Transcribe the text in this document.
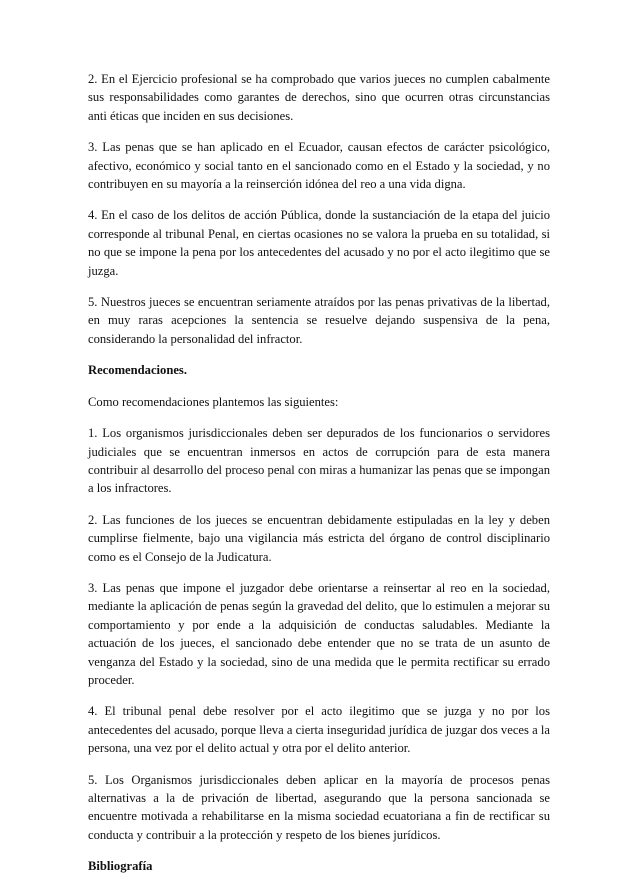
2. En el Ejercicio profesional se ha comprobado que varios jueces no cumplen cabalmente sus responsabilidades como garantes de derechos, sino que ocurren otras circunstancias anti éticas que inciden en sus decisiones.

3. Las penas que se han aplicado en el Ecuador, causan efectos de carácter psicológico, afectivo, económico y social tanto en el sancionado como en el Estado y la sociedad, y no contribuyen en su mayoría a la reinserción idónea del reo a una vida digna.

4. En el caso de los delitos de acción Pública, donde la sustanciación de la etapa del juicio corresponde al tribunal Penal, en ciertas ocasiones no se valora la prueba en su totalidad, si no que se impone la pena por los antecedentes del acusado y no por el acto ilegitimo que se juzga.

5. Nuestros jueces se encuentran seriamente atraídos por las penas privativas de la libertad, en muy raras acepciones la sentencia se resuelve dejando suspensiva de la pena, considerando la personalidad del infractor.

Recomendaciones.

Como recomendaciones plantemos las siguientes:

1. Los organismos jurisdiccionales deben ser depurados de los funcionarios o servidores judiciales que se encuentran inmersos en actos de corrupción para de esta manera contribuir al desarrollo del proceso penal con miras a humanizar las penas que se impongan a los infractores.

2. Las funciones de los jueces se encuentran debidamente estipuladas en la ley y deben cumplirse fielmente, bajo una vigilancia más estricta del órgano de control disciplinario como es el Consejo de la Judicatura.

3. Las penas que impone el juzgador debe orientarse a reinsertar al reo en la sociedad, mediante la aplicación de penas según la gravedad del delito, que lo estimulen a mejorar su comportamiento y por ende a la adquisición de conductas saludables. Mediante la actuación de los jueces, el sancionado debe entender que no se trata de un asunto de venganza del Estado y la sociedad, sino de una medida que le permita rectificar su errado proceder.

4. El tribunal penal debe resolver por el acto ilegitimo que se juzga y no por los antecedentes del acusado, porque lleva a cierta inseguridad jurídica de juzgar dos veces a la persona, una vez por el delito actual y otra por el delito anterior.

5. Los Organismos jurisdiccionales deben aplicar en la mayoría de procesos penas alternativas a la de privación de libertad, asegurando que la persona sancionada se encuentre motivada a rehabilitarse en la misma sociedad ecuatoriana a fin de rectificar su conducta y contribuir a la protección y respeto de los bienes jurídicos.

Bibliografía
